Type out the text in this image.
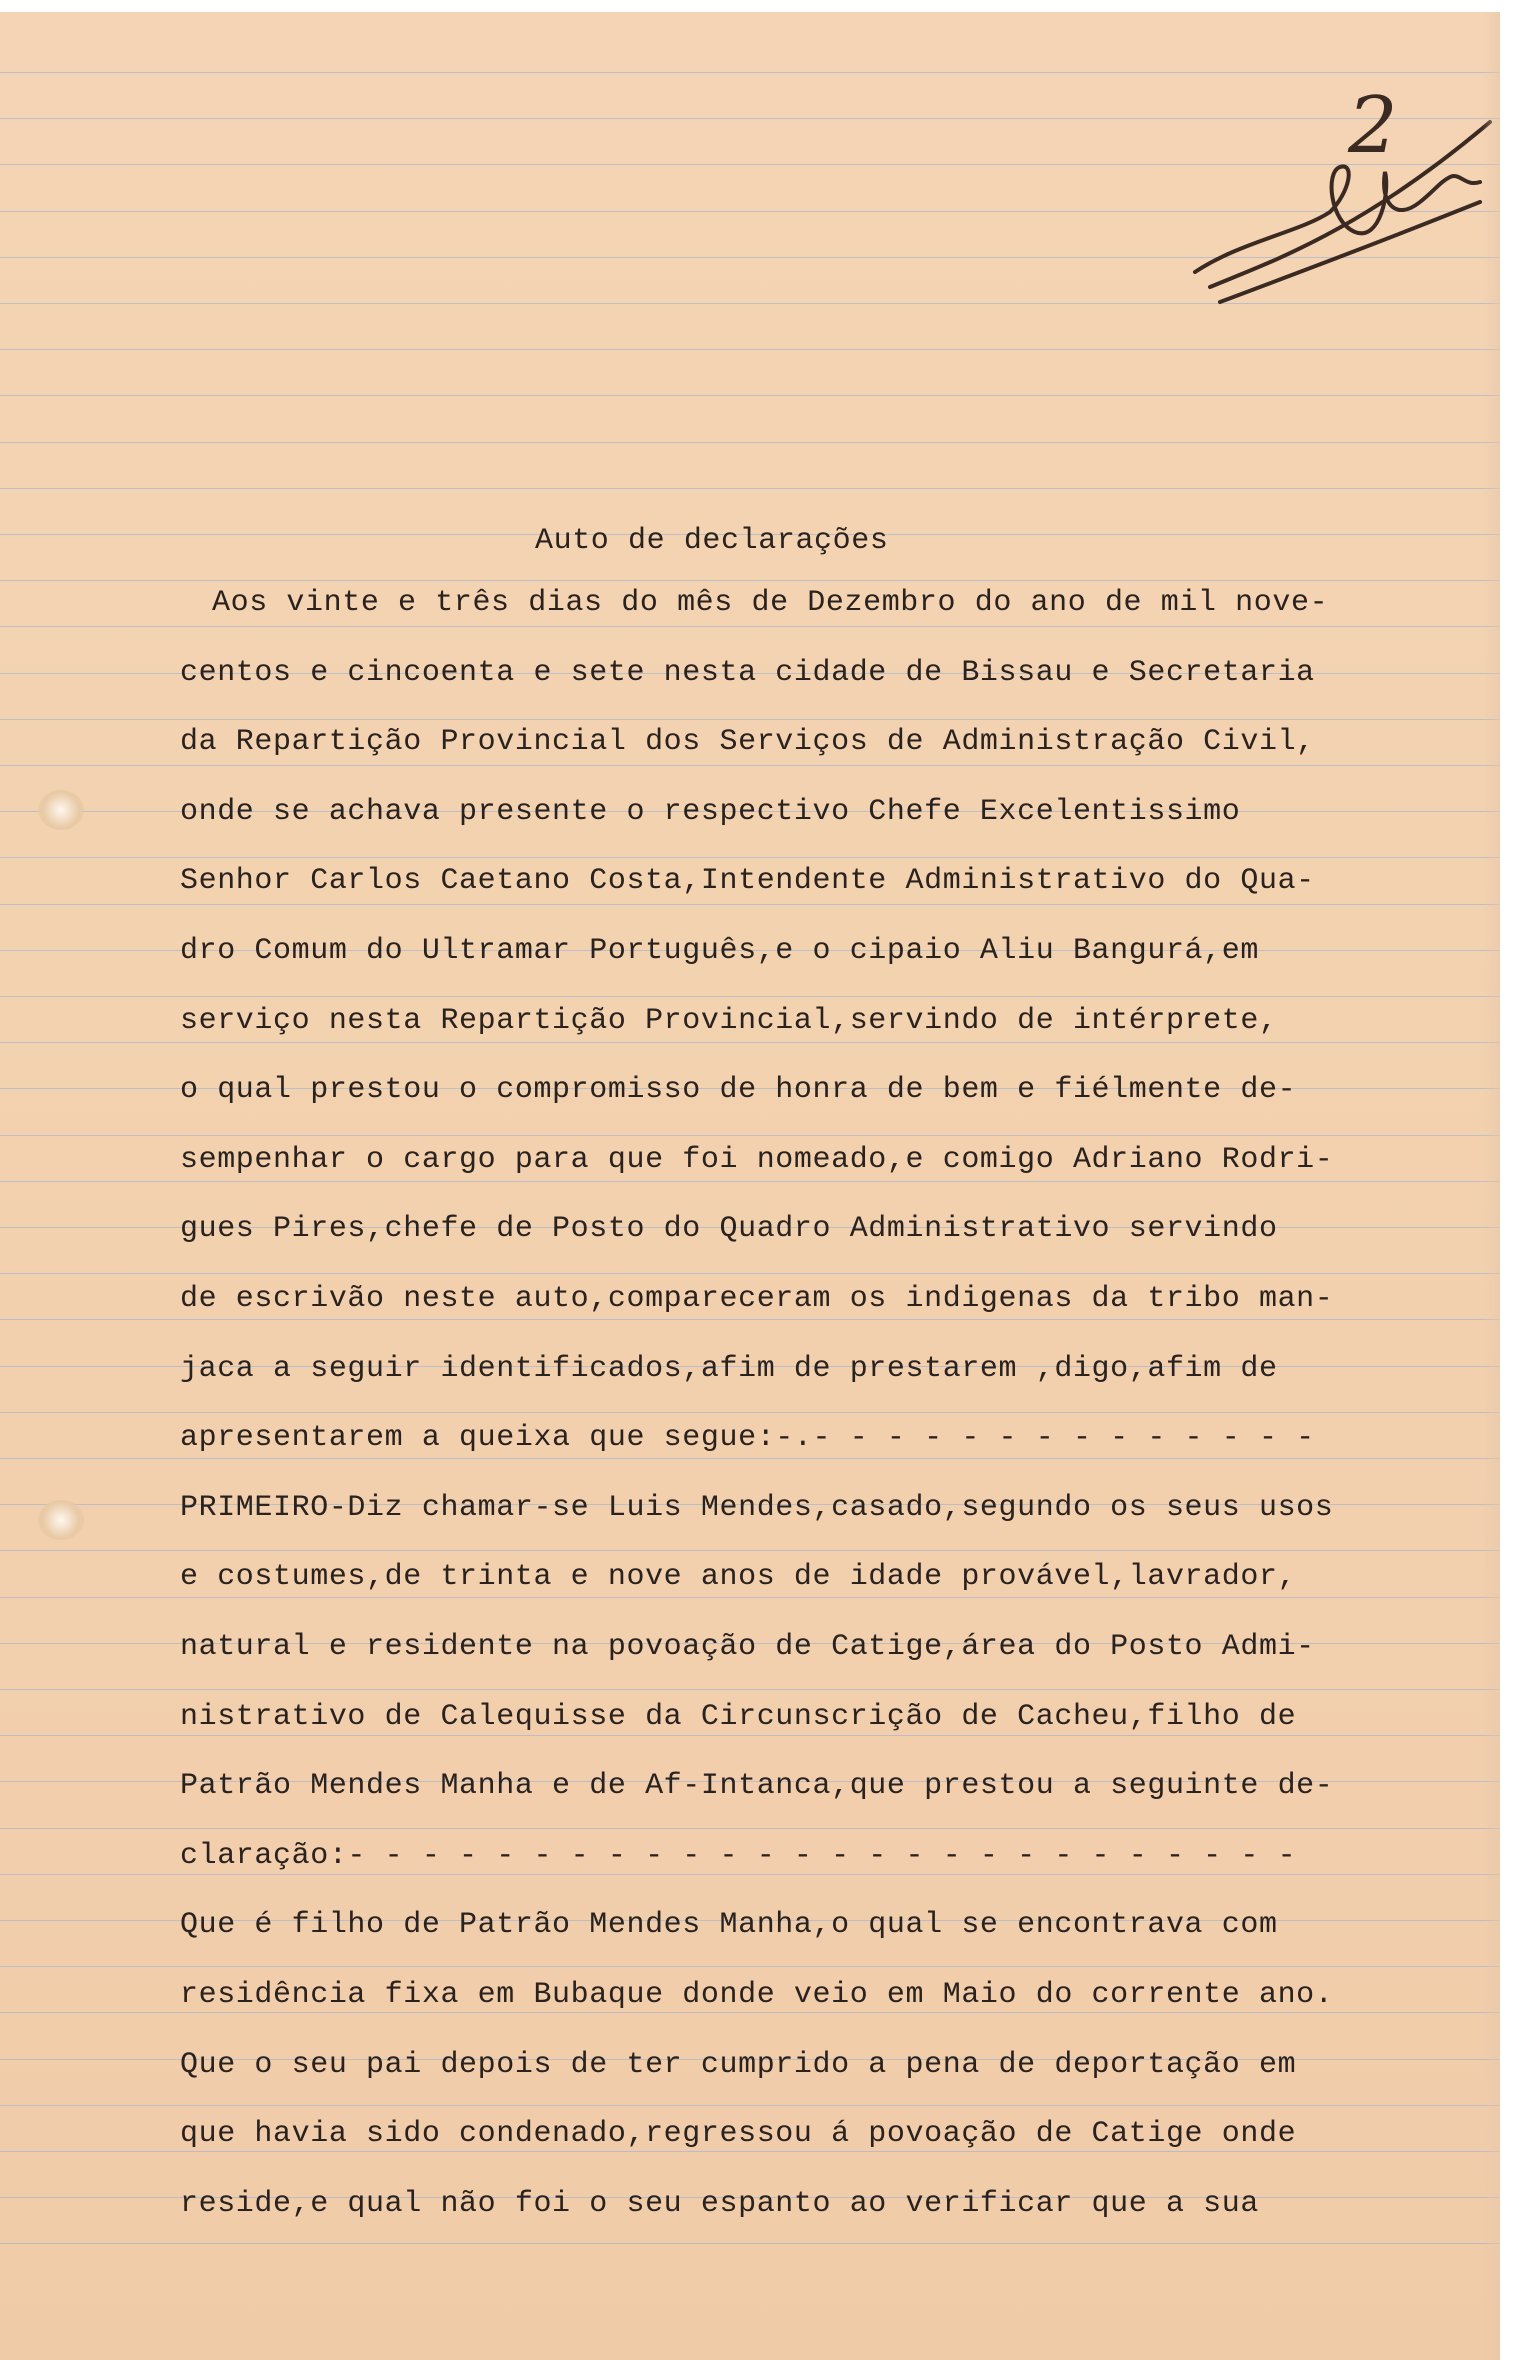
2
Auto de declarações
Aos vinte e três dias do mês de Dezembro do ano de mil nove-
centos e cincoenta e sete nesta cidade de Bissau e Secretaria
da Repartição Provincial dos Serviços de Administração Civil,
onde se achava presente o respectivo Chefe Excelentissimo
Senhor Carlos Caetano Costa,Intendente Administrativo do Qua-
dro Comum do Ultramar Português,e o cipaio Aliu Bangurá,em
serviço nesta Repartição Provincial,servindo de intérprete,
o qual prestou o compromisso de honra de bem e fiélmente de-
sempenhar o cargo para que foi nomeado,e comigo Adriano Rodri-
gues Pires,chefe de Posto do Quadro Administrativo servindo
de escrivão neste auto,compareceram os indigenas da tribo man-
jaca a seguir identificados,afim de prestarem ,digo,afim de
apresentarem a queixa que segue:-.- - - - - - - - - - - - - -
PRIMEIRO-Diz chamar-se Luis Mendes,casado,segundo os seus usos
e costumes,de trinta e nove anos de idade provável,lavrador,
natural e residente na povoação de Catige,área do Posto Admi-
nistrativo de Calequisse da Circunscrição de Cacheu,filho de
Patrão Mendes Manha e de Af-Intanca,que prestou a seguinte de-
claração:- - - - - - - - - - - - - - - - - - - - - - - - - -
Que é filho de Patrão Mendes Manha,o qual se encontrava com
residência fixa em Bubaque donde veio em Maio do corrente ano.
Que o seu pai depois de ter cumprido a pena de deportação em
que havia sido condenado,regressou á povoação de Catige onde
reside,e qual não foi o seu espanto ao verificar que a sua
